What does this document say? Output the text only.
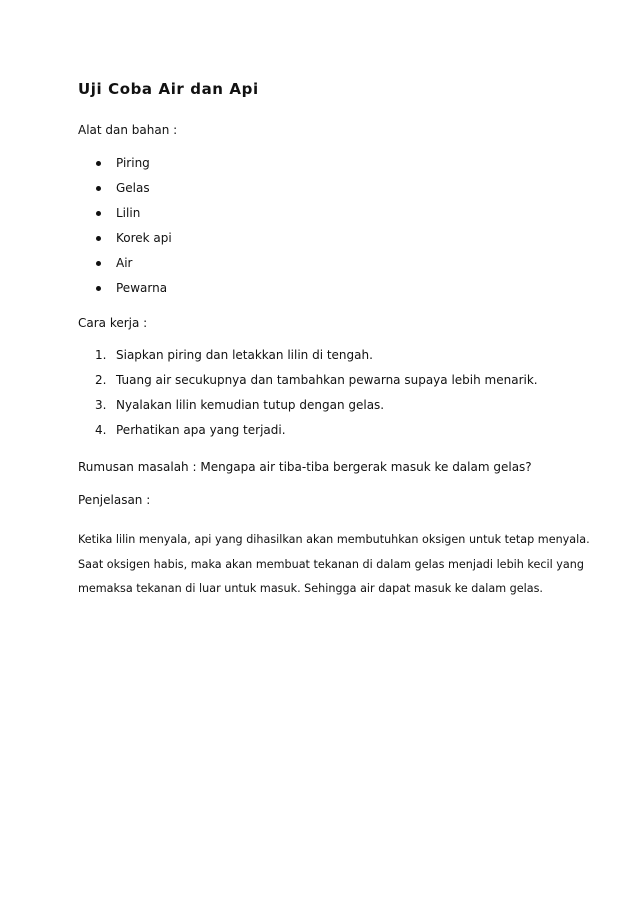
Uji Coba Air dan Api

Alat dan bahan :

Piring
Gelas
Lilin
Korek api
Air
Pewarna

Cara kerja :

1. Siapkan piring dan letakkan lilin di tengah.
2. Tuang air secukupnya dan tambahkan pewarna supaya lebih menarik.
3. Nyalakan lilin kemudian tutup dengan gelas.
4. Perhatikan apa yang terjadi.

Rumusan masalah : Mengapa air tiba-tiba bergerak masuk ke dalam gelas?

Penjelasan :

Ketika lilin menyala, api yang dihasilkan akan membutuhkan oksigen untuk tetap menyala.
Saat oksigen habis, maka akan membuat tekanan di dalam gelas menjadi lebih kecil yang
memaksa tekanan di luar untuk masuk. Sehingga air dapat masuk ke dalam gelas.
